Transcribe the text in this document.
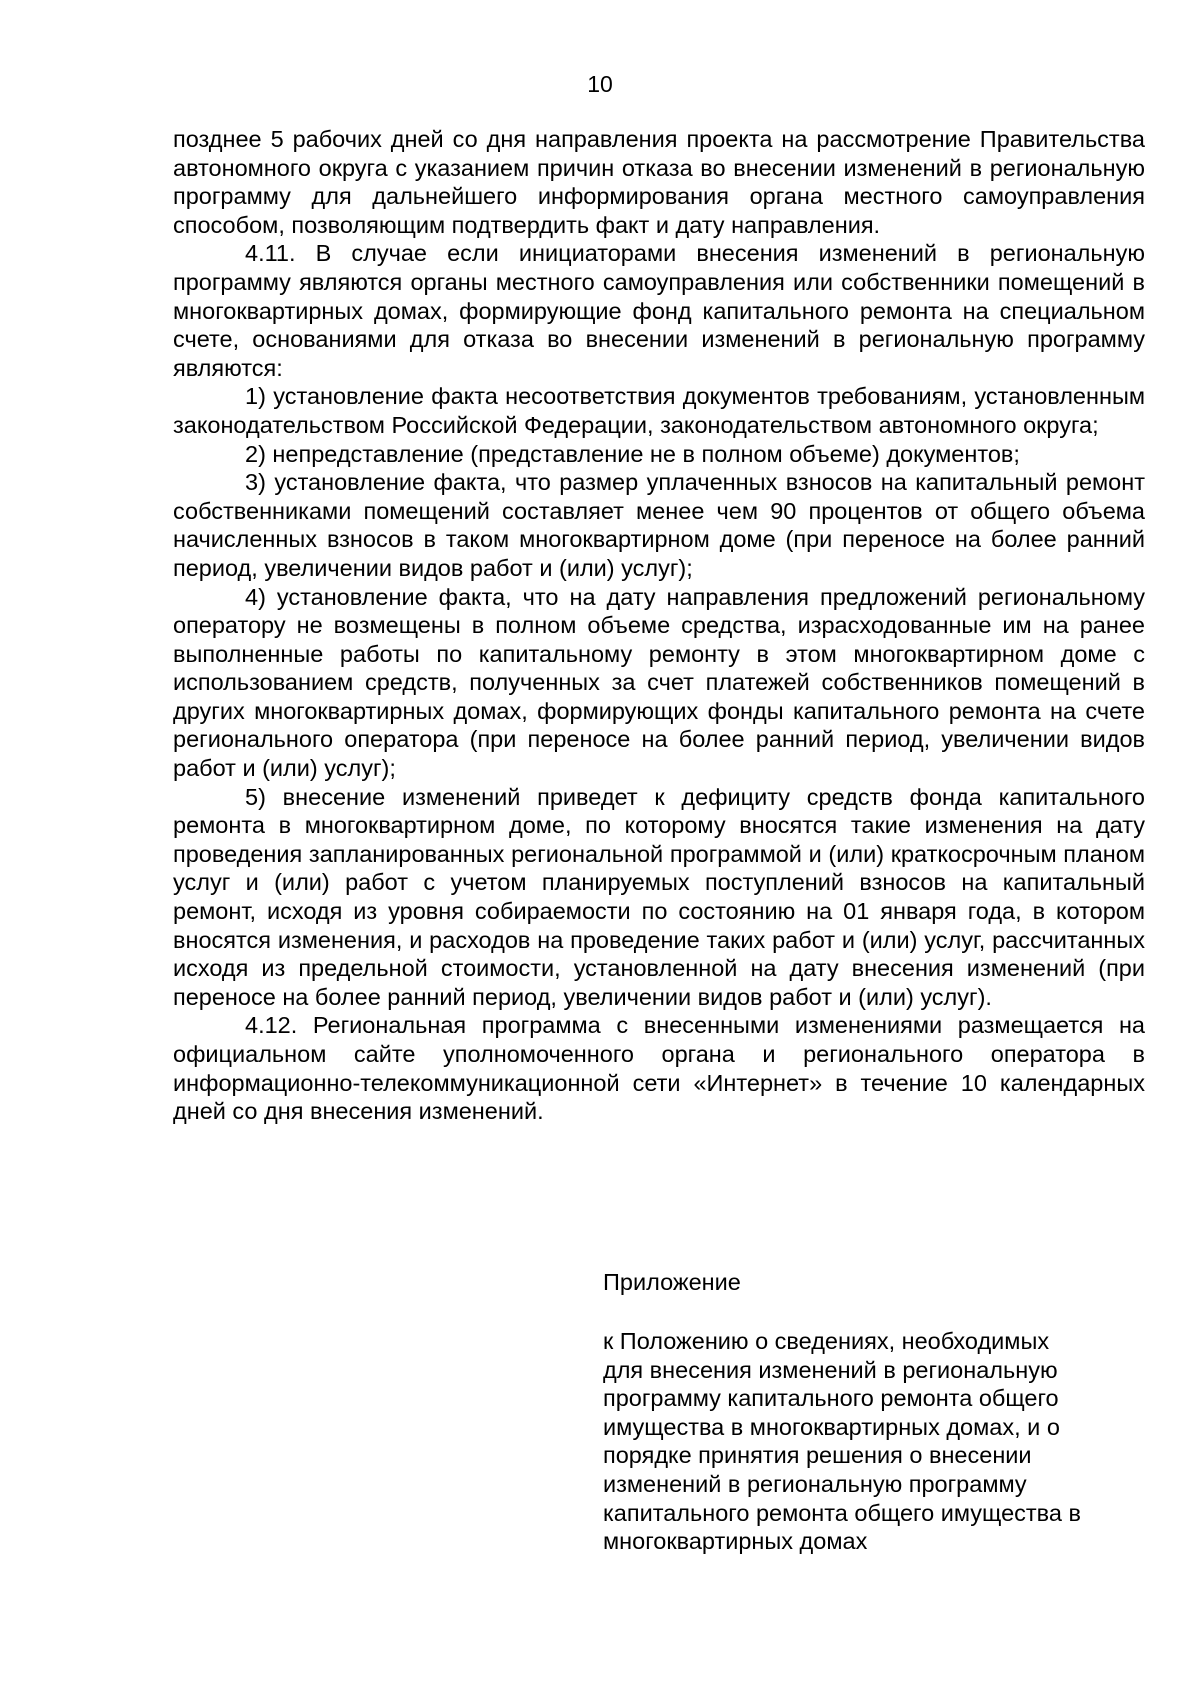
10

позднее 5 рабочих дней со дня направления проекта на рассмотрение Правительства автономного округа с указанием причин отказа во внесении изменений в региональную программу для дальнейшего информирования органа местного самоуправления способом, позволяющим подтвердить факт и дату направления.

4.11. В случае если инициаторами внесения изменений в региональную программу являются органы местного самоуправления или собственники помещений в многоквартирных домах, формирующие фонд капитального ремонта на специальном счете, основаниями для отказа во внесении изменений в региональную программу являются:

1) установление факта несоответствия документов требованиям, установленным законодательством Российской Федерации, законодательством автономного округа;

2) непредставление (представление не в полном объеме) документов;

3) установление факта, что размер уплаченных взносов на капитальный ремонт собственниками помещений составляет менее чем 90 процентов от общего объема начисленных взносов в таком многоквартирном доме (при переносе на более ранний период, увеличении видов работ и (или) услуг);

4) установление факта, что на дату направления предложений региональному оператору не возмещены в полном объеме средства, израсходованные им на ранее выполненные работы по капитальному ремонту в этом многоквартирном доме с использованием средств, полученных за счет платежей собственников помещений в других многоквартирных домах, формирующих фонды капитального ремонта на счете регионального оператора (при переносе на более ранний период, увеличении видов работ и (или) услуг);

5) внесение изменений приведет к дефициту средств фонда капитального ремонта в многоквартирном доме, по которому вносятся такие изменения на дату проведения запланированных региональной программой и (или) краткосрочным планом услуг и (или) работ с учетом планируемых поступлений взносов на капитальный ремонт, исходя из уровня собираемости по состоянию на 01 января года, в котором вносятся изменения, и расходов на проведение таких работ и (или) услуг, рассчитанных исходя из предельной стоимости, установленной на дату внесения изменений (при переносе на более ранний период, увеличении видов работ и (или) услуг).

4.12. Региональная программа с внесенными изменениями размещается на официальном сайте уполномоченного органа и регионального оператора в информационно-телекоммуникационной сети «Интернет» в течение 10 календарных дней со дня внесения изменений.

Приложение
к Положению о сведениях, необходимых
для внесения изменений в региональную
программу капитального ремонта общего
имущества в многоквартирных домах, и о
порядке принятия решения о внесении
изменений в региональную программу
капитального ремонта общего имущества в
многоквартирных домах
